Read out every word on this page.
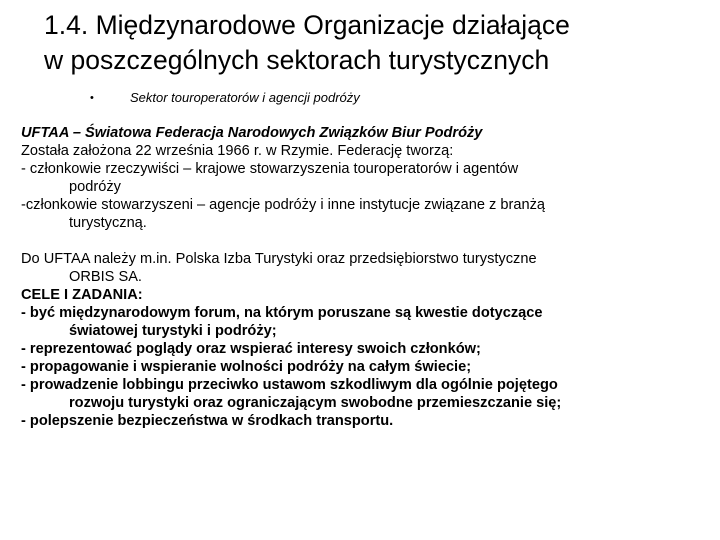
1.4. Międzynarodowe Organizacje działające
w poszczególnych sektorach turystycznych
•	Sektor touroperatorów i agencji podróży

UFTAA – Światowa Federacja Narodowych Związków Biur Podróży

Została założona 22 września 1966 r. w Rzymie. Federację tworzą:

- członkowie rzeczywiści – krajowe stowarzyszenia touroperatorów i agentów

podróży

-członkowie stowarzyszeni – agencje podróży i inne instytucje związane z branżą

turystyczną.

Do UFTAA należy m.in. Polska Izba Turystyki oraz przedsiębiorstwo turystyczne

ORBIS SA.

CELE I ZADANIA:

- być międzynarodowym forum, na którym poruszane są kwestie dotyczące

światowej turystyki i podróży;

- reprezentować poglądy oraz wspierać interesy swoich członków;

- propagowanie i wspieranie wolności podróży na całym świecie;

- prowadzenie lobbingu przeciwko ustawom szkodliwym dla ogólnie pojętego

rozwoju turystyki oraz ograniczającym swobodne przemieszczanie się;

- polepszenie bezpieczeństwa w środkach transportu.
